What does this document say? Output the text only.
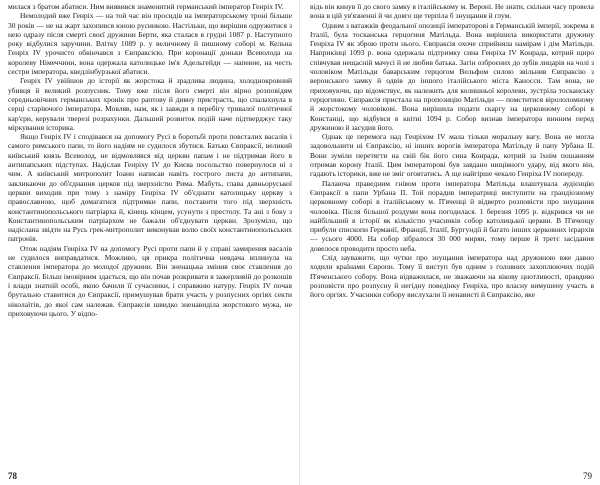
милася з братом абатиси. Ним виявився знаменитий германський імператор Генріх IV.

Немолодий вже Генріх — на той час він просидів на імператорському троні більше 30 років — не на жарт захопився юною русинкою. Настільки, що вирішив одружитися з нею одразу після смерті своєї дружини Берти, яка сталася в грудні 1087 р. Наступного року відбулися заручини. Влітку 1089 р. у величному й пишному соборі м. Кельна Генріх IV урочисто обвінчався з Євпраксією. При коронації доньки Всеволода на королеву Німеччини, вона одержала католицьке ім'я Адельгейди — напевне, на честь сестри імператора, кведлінбурзької абатиси.

Генріх IV увійшов до історії як жорстока й зрадлива людина, холоднокровний убивця й великий розпусник. Тому вже після його смерті він вірно розповідям середньовічних германських хронік про раптову й дивну пристрасть, що спалахнула в серці старіючого імператора. Мовляв, нам, як і завжди в перебігу тривалої політичної кар'єри, керували тверезі розрахунки. Дальший розвиток подій наче підтверджує таку міркування історика.

Якщо Генріх IV і сподівався на допомогу Русі в боротьбі проти повсталих васалів і самого римського папи, то його надіям не судилося збутися. Батько Євпраксії, великий київський князь Всеволод, не відмовлявся від церкви папам і не підтримав його в антипапських підступах. Надіслав Генріху IV до Києва посольство повернулося ні з чим. А київський митрополит Іоанн написав навіть гострого листа до антипапи, закликаючи до об'єднання церков під зверхністю Рима. Мабуть, глава давньоруської церкви виходив при тому з наміру Генріха IV об'єднати католицьку церкву з православною, щоб домагатися підтримки папи, поставити того під зверхність константинопольського патріарха й, кінець кінцем, усунути з престолу. Та ані з боку з Константинопольським патріархом не бажали об'єднувати церкви. Зрозуміло, що надіслана звідти на Русь грек-митрополит виконував волю своїх константинопольських патронів.

Отож надіям Генріха IV на допомогу Русі проти папи й у справі замирення васалів не судилося виправдатися. Можливо, ця прикра політична невдача вплинула на ставлення імператора до молодої дружини. Він зненацька змінив своє ставлення до Євпраксії. Більш імовірним здається, що він почав розкривати в зажерливій до розкошів і влади знатній особі, якою бачили її сучасники, і справжню натуру. Генріх IV почав брутально ставитися до Євпраксії, примушував брати участь у розпусних оргіях секти ніколаїтів, до якої сам належав. Євпраксія швидко зненавиділа жорстокого мужа, не приховуючи цього. У відпо-

78

відь він кинув її до свого замку в італійському м. Вероні. Не знати, скільки часу провела вона в цій ув'язненні й чи довго ще терпіла б знущання й глум.

Одним з ватажків феодальної опозиції імператорові в Германській імперії, зокрема в Італії, була тосканська герцогиня Матільда. Вона вирішила використати дружину Генріха IV як зброю проти нього. Євпраксія охоче сприйняла намірам і дім Матільди. Наприкінці 1093 р. вона одержала підтримку сина Генріха IV Конрада, котрий щиро співчував нещасній мачусі й не любив батька. Загін озброєних до зубів лицарів на чолі з чоловіком Матільди баварським герцогом Вельфом силою звільнив Євпраксію з веронського замку й одвів до іншого італійського міста Каносси. Там вона, не приховуючи, що відомствує, як належить для колишньої королеви, зустріла тосканську герцогиню. Євпраксія пристала на пропозицію Матільди — помститися вірололомному й жорстокому чоловікові. Вона вирішила подати скаргу на церковному соборі в Констанці, що відбувся в квітні 1094 р. Собор визнав імператора винним перед дружиною й засудив його.

Однак це перемога над Генріхом IV мала тільки моральну вагу. Вона не могла задовольнити ні Євпраксію, ні інших ворогів імператора Матільду й папу Урбана II. Вони зуміли перетягти на свій бік його сина Конрада, котрий за їхнім пошанням отримав корону Італії. Цим імператорові був завдано нищівного удару, від якого він, гадають історики, вже не зміг оговтатись. А ще найгірше чекало Генріха IV попереду.

Палаюча праведним гнівом проти імператора Матільда влаштувала аудієнцію Євпраксії в папи Урбана II. Той порадив імператриці виступити на грандіозному церковному соборі в італійському м. П'яченці й відверто розповісти про знущання чоловіка. Після більшої роздуми вона погодилася. 1 березня 1095 р. відкрився чи не найбільший в історії як кількістю учасників собор католицької церкви. В П'яченцу прибули єпископи Германії, Франції, Італії, Бургундії й багато інших церковних ієрархів — усього 4000. На собор зібралося 30 000 мирян, тому перше й третє засідання довелося проводити просто неба.

Слід зауважити, що чутки про знущання імператора над дружиною вже давно ходили країнами Європи. Тому її виступ був одним з головних захоплюючих подій П'яченського собору. Вона відважилася, не зважаючи на вікову цнотливості, правдиво розповісти про розпусну й негідну поведінку Генріха, про власну вимушену участь в його оргіях. Учасники собору вислухали її ненависті й Євпраксію, яке

79
